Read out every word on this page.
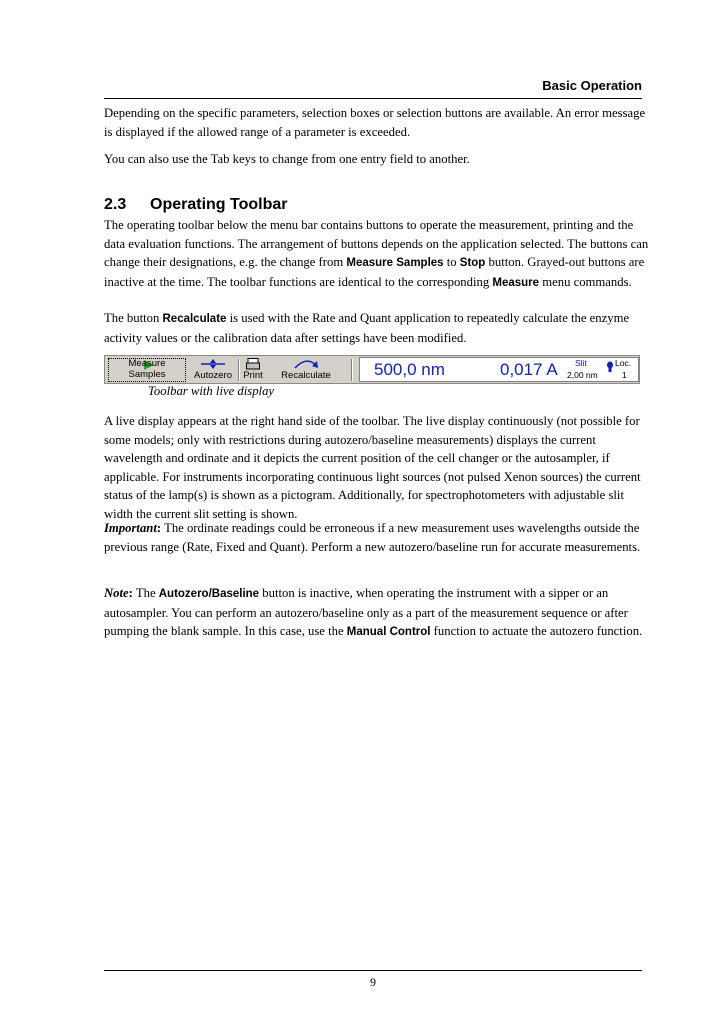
Basic Operation

Depending on the specific parameters, selection boxes or selection buttons are available. An error message is displayed if the allowed range of a parameter is exceeded.

You can also use the Tab keys to change from one entry field to another.

2.3 Operating Toolbar

The operating toolbar below the menu bar contains buttons to operate the measurement, printing and the data evaluation functions. The arrangement of buttons depends on the application selected. The buttons can change their designations, e.g. the change from Measure Samples to Stop button. Grayed-out buttons are inactive at the time. The toolbar functions are identical to the corresponding Measure menu commands.

The button Recalculate is used with the Rate and Quant application to repeatedly calculate the enzyme activity values or the calibration data after settings have been modified.

Measure Samples	Autozero	Print	Recalculate	500,0 nm	0,017 A Slit
2,00 nm
Loc.
1
Toolbar with live display

A live display appears at the right hand side of the toolbar. The live display continuously (not possible for some models; only with restrictions during autozero/baseline measurements) displays the current wavelength and ordinate and it depicts the current position of the cell changer or the autosampler, if applicable. For instruments incorporating continuous light sources (not pulsed Xenon sources) the current status of the lamp(s) is shown as a pictogram. Additionally, for spectrophotometers with adjustable slit width the current slit setting is shown.

Important: The ordinate readings could be erroneous if a new measurement uses wavelengths outside the previous range (Rate, Fixed and Quant). Perform a new autozero/baseline run for accurate measurements.

Note: The Autozero/Baseline button is inactive, when operating the instrument with a sipper or an autosampler. You can perform an autozero/baseline only as a part of the measurement sequence or after pumping the blank sample. In this case, use the Manual Control function to actuate the autozero function.

9
